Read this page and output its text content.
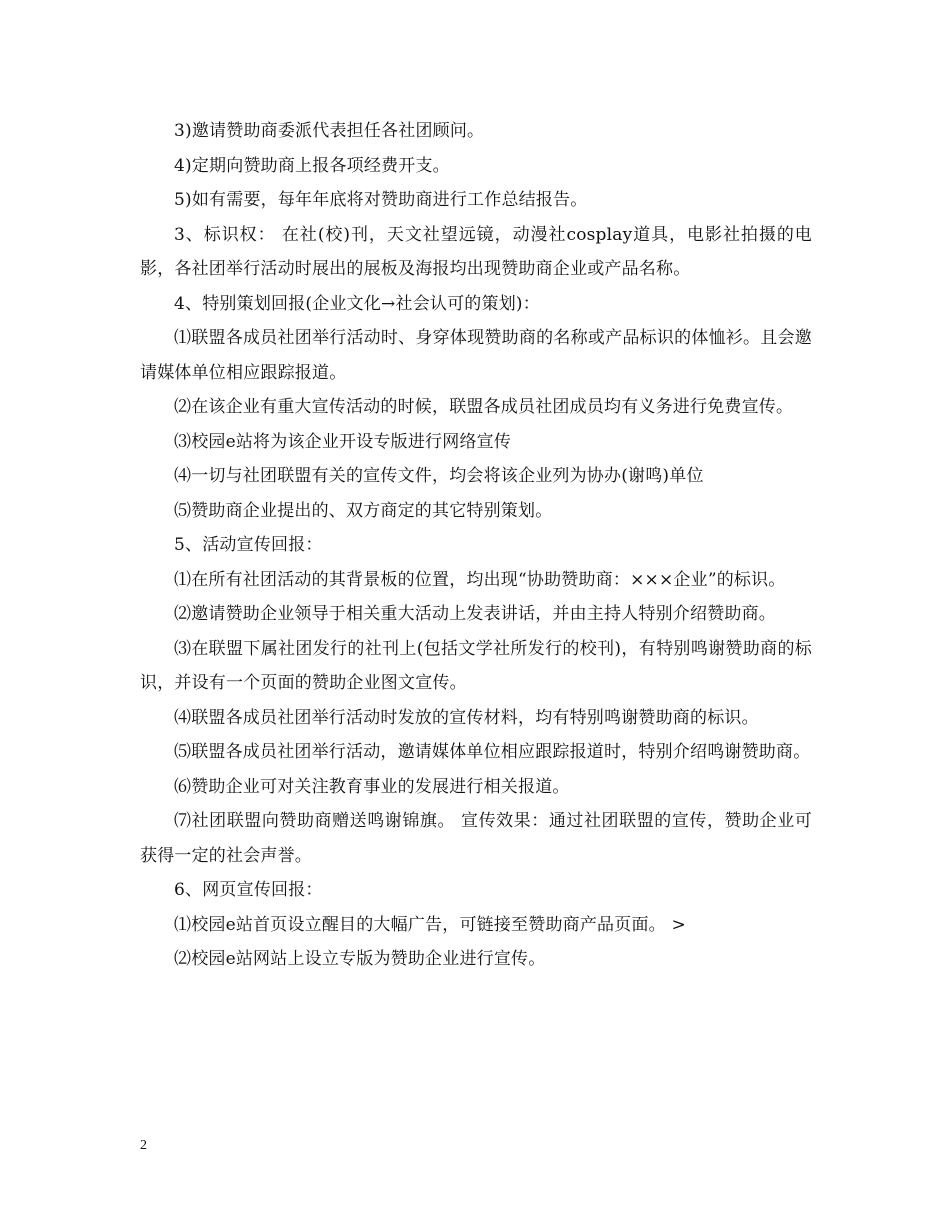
3)邀请赞助商委派代表担任各社团顾问。

4)定期向赞助商上报各项经费开支。

5)如有需要，每年年底将对赞助商进行工作总结报告。

3、标识权： 在社(校)刊，天文社望远镜，动漫社cosplay道具，电影社拍摄的电影，各社团举行活动时展出的展板及海报均出现赞助商企业或产品名称。

4、特别策划回报(企业文化→社会认可的策划)：

⑴联盟各成员社团举行活动时、身穿体现赞助商的名称或产品标识的体恤衫。且会邀请媒体单位相应跟踪报道。

⑵在该企业有重大宣传活动的时候，联盟各成员社团成员均有义务进行免费宣传。

⑶校园e站将为该企业开设专版进行网络宣传

⑷一切与社团联盟有关的宣传文件，均会将该企业列为协办(谢鸣)单位

⑸赞助商企业提出的、双方商定的其它特别策划。

5、活动宣传回报：

⑴在所有社团活动的其背景板的位置，均出现“协助赞助商：×××企业”的标识。

⑵邀请赞助企业领导于相关重大活动上发表讲话，并由主持人特别介绍赞助商。

⑶在联盟下属社团发行的社刊上(包括文学社所发行的校刊)，有特别鸣谢赞助商的标识，并设有一个页面的赞助企业图文宣传。

⑷联盟各成员社团举行活动时发放的宣传材料，均有特别鸣谢赞助商的标识。

⑸联盟各成员社团举行活动，邀请媒体单位相应跟踪报道时，特别介绍鸣谢赞助商。

⑹赞助企业可对关注教育事业的发展进行相关报道。

⑺社团联盟向赞助商赠送鸣谢锦旗。 宣传效果：通过社团联盟的宣传，赞助企业可获得一定的社会声誉。

6、网页宣传回报：

⑴校园e站首页设立醒目的大幅广告，可链接至赞助商产品页面。 >

⑵校园e站网站上设立专版为赞助企业进行宣传。

2
